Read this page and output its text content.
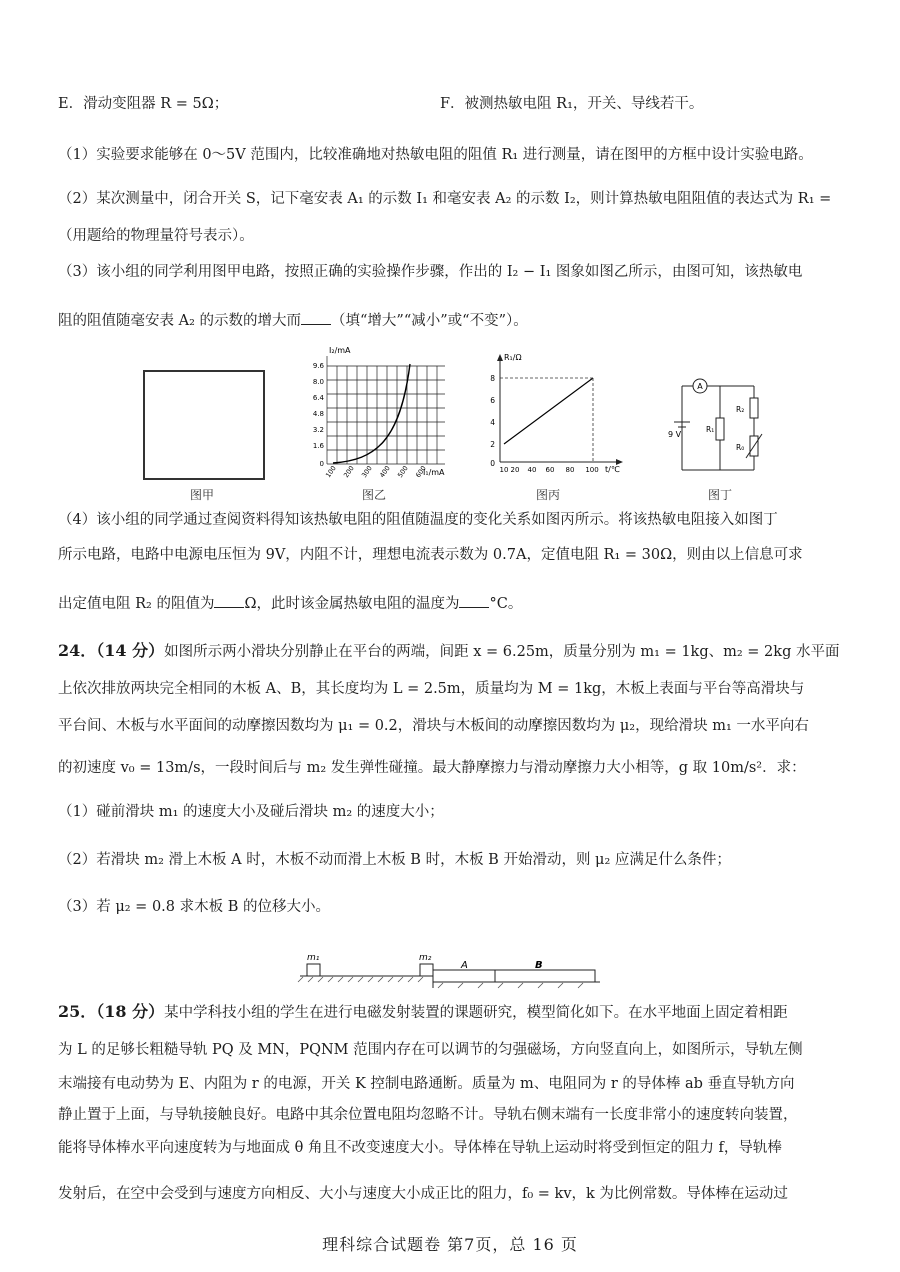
E．滑动变阻器 R = 5Ω；	F．被测热敏电阻 R₁，开关、导线若干。
（1）实验要求能够在 0～5V 范围内，比较准确地对热敏电阻的阻值 R₁ 进行测量，请在图甲的方框中设计实验电路。
（2）某次测量中，闭合开关 S，记下毫安表 A₁ 的示数 I₁ 和毫安表 A₂ 的示数 I₂，则计算热敏电阻阻值的表达式为 R₁ =
（用题给的物理量符号表示）。
（3）该小组的同学利用图甲电路，按照正确的实验操作步骤，作出的 I₂ − I₁ 图象如图乙所示，由图可知，该热敏电
阻的阻值随毫安表 A₂ 的示数的增大而 （填“增大”“减小”或“不变”）。
图甲
I₂/mA
9.6
8.0
6.4
4.8
3.2
1.6
0
100 200 300 400 500 600
I₁/mA
图乙
R₁/Ω
8
6
4
2
0
10 20 40 60 80 100 t/℃
图丙
A
9 V
R₁
R₂
R₀
图丁
（4）该小组的同学通过查阅资料得知该热敏电阻的阻值随温度的变化关系如图丙所示。将该热敏电阻接入如图丁
所示电路，电路中电源电压恒为 9V，内阻不计，理想电流表示数为 0.7A，定值电阻 R₁ = 30Ω，则由以上信息可求
出定值电阻 R₂ 的阻值为 Ω，此时该金属热敏电阻的温度为 °C。
24．（14 分）如图所示两小滑块分别静止在平台的两端，间距 x = 6.25m，质量分别为 m₁ = 1kg、m₂ = 2kg 水平面
上依次排放两块完全相同的木板 A、B，其长度均为 L = 2.5m，质量均为 M = 1kg，木板上表面与平台等高滑块与
平台间、木板与水平面间的动摩擦因数均为 μ₁ = 0.2，滑块与木板间的动摩擦因数均为 μ₂，现给滑块 m₁ 一水平向右
的初速度 v₀ = 13m/s，一段时间后与 m₂ 发生弹性碰撞。最大静摩擦力与滑动摩擦力大小相等，g 取 10m/s²．求：
（1）碰前滑块 m₁ 的速度大小及碰后滑块 m₂ 的速度大小；
（2）若滑块 m₂ 滑上木板 A 时，木板不动而滑上木板 B 时，木板 B 开始滑动，则 μ₂ 应满足什么条件；
（3）若 μ₂ = 0.8 求木板 B 的位移大小。
m₁	m₂
A	B
25．（18 分）某中学科技小组的学生在进行电磁发射装置的课题研究，模型简化如下。在水平地面上固定着相距
为 L 的足够长粗糙导轨 PQ 及 MN，PQNM 范围内存在可以调节的匀强磁场，方向竖直向上，如图所示，导轨左侧
末端接有电动势为 E、内阻为 r 的电源，开关 K 控制电路通断。质量为 m、电阻同为 r 的导体棒 ab 垂直导轨方向
静止置于上面，与导轨接触良好。电路中其余位置电阻均忽略不计。导轨右侧末端有一长度非常小的速度转向装置，
能将导体棒水平向速度转为与地面成 θ 角且不改变速度大小。导体棒在导轨上运动时将受到恒定的阻力 f，导轨棒
发射后，在空中会受到与速度方向相反、大小与速度大小成正比的阻力，f₀ = kv，k 为比例常数。导体棒在运动过
理科综合试题卷 第7页，总 16 页
